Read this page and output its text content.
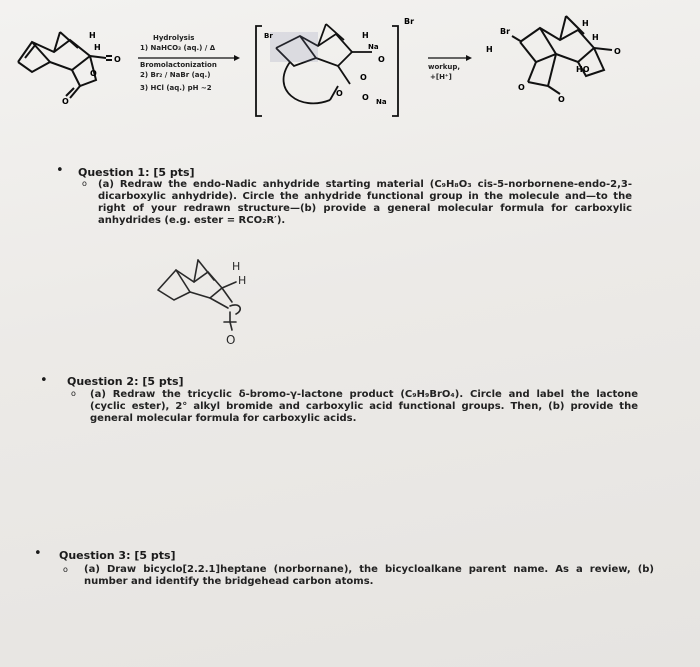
H
H
O
O
O
Br	H
Na
Na
O
O
O O
Br
Br
H
H
H	O
HO
O
O
Hydrolysis
1) NaHCO₃ (aq.) / Δ
Bromolactonization
2) Br₂ / NaBr (aq.)
3) HCl (aq.) pH ~2
workup,
+[H⁺]
• Question 1: [5 pts]
o (a) Redraw the endo-Nadic anhydride starting material (C₉H₈O₃ cis-5-norbornene-endo-2,3-dicarboxylic anhydride). Circle the anhydride functional group in the molecule and—to the right of your redrawn structure—(b) provide a general molecular formula for carboxylic anhydrides (e.g. ester = RCO₂R′).
H
H
O
• Question 2: [5 pts]
o (a) Redraw the tricyclic δ-bromo-γ-lactone product (C₉H₉BrO₄). Circle and label the lactone (cyclic ester), 2° alkyl bromide and carboxylic acid functional groups. Then, (b) provide the general molecular formula for carboxylic acids.
• Question 3: [5 pts]
o (a) Draw bicyclo[2.2.1]heptane (norbornane), the bicycloalkane parent name. As a review, (b) number and identify the bridgehead carbon atoms.
